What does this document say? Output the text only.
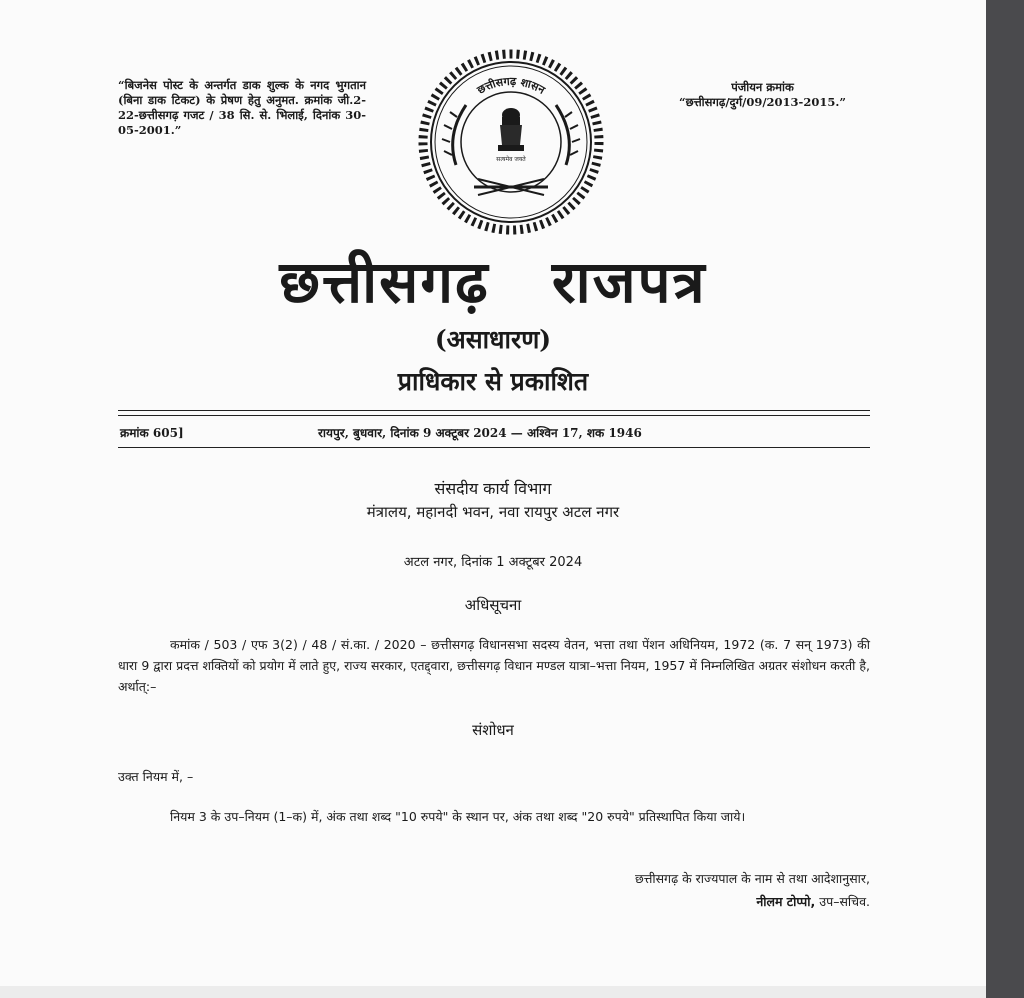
“बिजनेस पोस्ट के अन्तर्गत डाक शुल्क के नगद भुगतान (बिना डाक टिकट) के प्रेषण हेतु अनुमत. क्रमांक जी.2-22-छत्तीसगढ़ गजट / 38 सि. से. भिलाई, दिनांक 30-05-2001.”
पंजीयन क्रमांक
“छत्तीसगढ़/दुर्ग/09/2013-2015.”
छत्तीसगढ़ शासन
सत्यमेव जयते
छत्तीसगढ़ राजपत्र
(असाधारण)
प्राधिकार से प्रकाशित
क्रमांक 605]	रायपुर, बुधवार, दिनांक 9 अक्टूबर 2024 — अश्विन 17, शक 1946
संसदीय कार्य विभाग
मंत्रालय, महानदी भवन, नवा रायपुर अटल नगर
अटल नगर, दिनांक 1 अक्टूबर 2024
अधिसूचना
कमांक / 503 / एफ 3(2) / 48 / सं.का. / 2020 – छत्तीसगढ़ विधानसभा सदस्य वेतन, भत्ता तथा पेंशन अधिनियम, 1972 (क. 7 सन् 1973) की धारा 9 द्वारा प्रदत्त शक्तियों को प्रयोग में लाते हुए, राज्य सरकार, एतद्द्वारा, छत्तीसगढ़ विधान मण्डल यात्रा–भत्ता नियम, 1957 में निम्नलिखित अग्रतर संशोधन करती है, अर्थात्:–
संशोधन
उक्त नियम में, –
नियम 3 के उप–नियम (1–क) में, अंक तथा शब्द "10 रुपये" के स्थान पर, अंक तथा शब्द "20 रुपये" प्रतिस्थापित किया जाये।
छत्तीसगढ़ के राज्यपाल के नाम से तथा आदेशानुसार,
नीलम टोप्पो, उप–सचिव.
